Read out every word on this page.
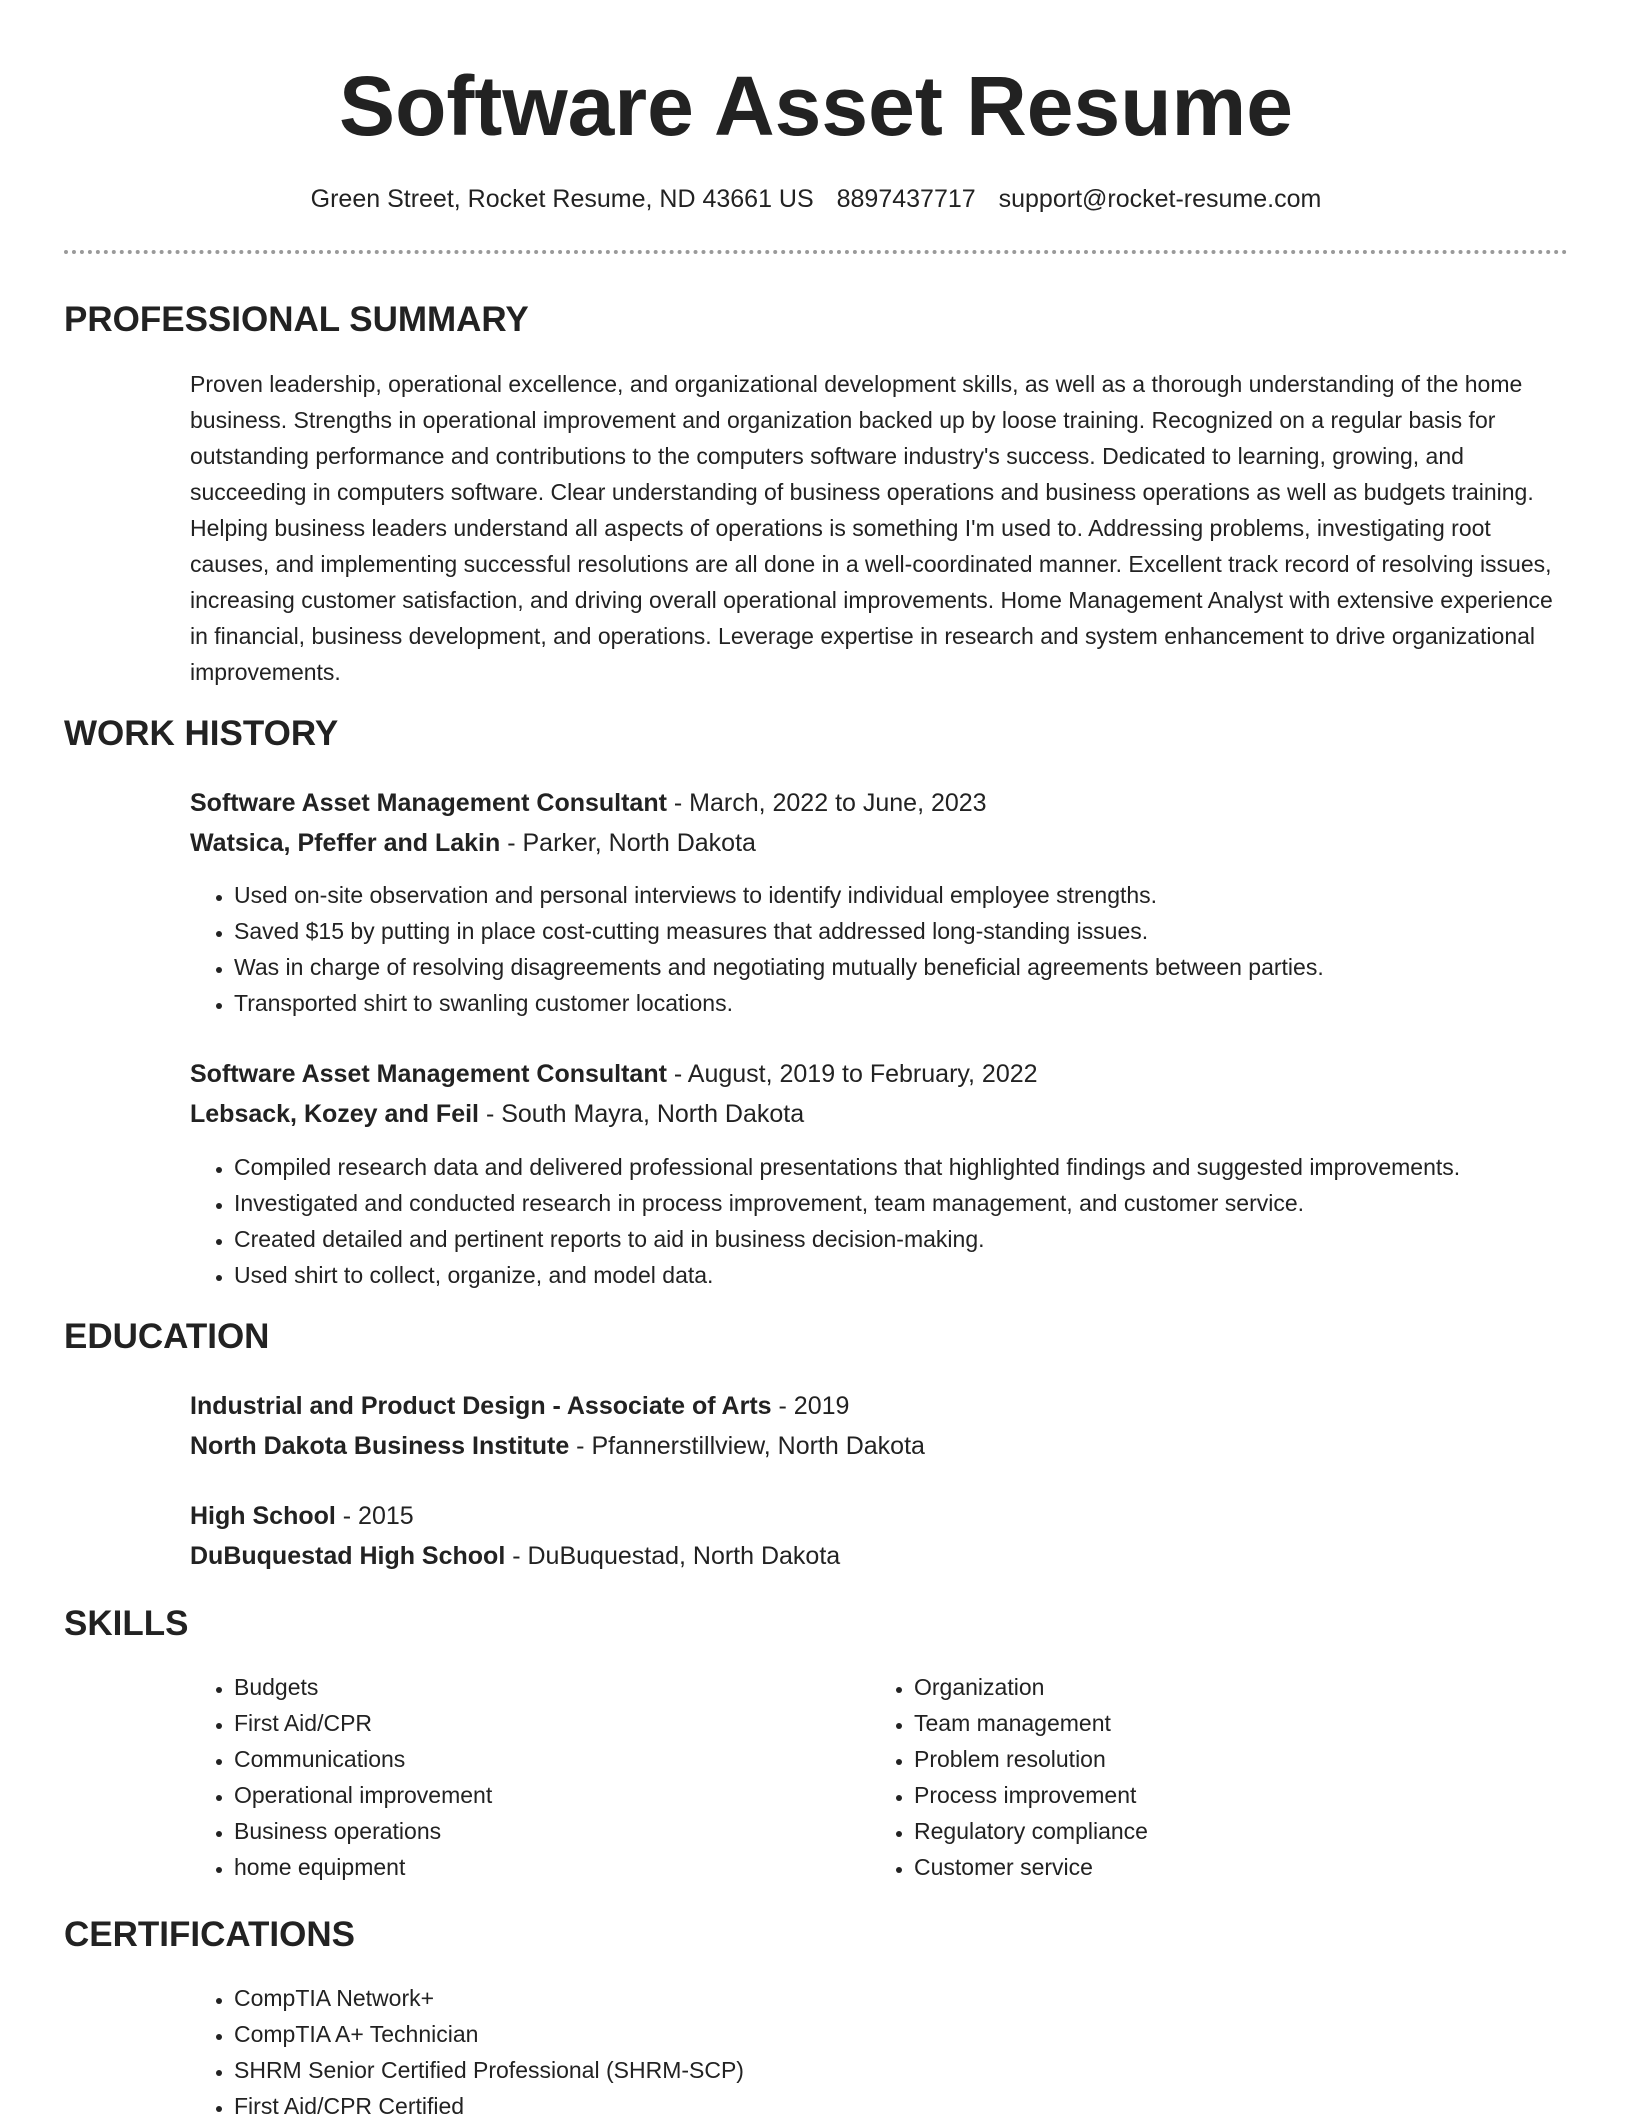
Software Asset Resume
Green Street, Rocket Resume, ND 43661 US 8897437717 support@rocket-resume.com
PROFESSIONAL SUMMARY

Proven leadership, operational excellence, and organizational development skills, as well as a thorough understanding of the home business. Strengths in operational improvement and organization backed up by loose training. Recognized on a regular basis for outstanding performance and contributions to the computers software industry's success. Dedicated to learning, growing, and succeeding in computers software. Clear understanding of business operations and business operations as well as budgets training. Helping business leaders understand all aspects of operations is something I'm used to. Addressing problems, investigating root causes, and implementing successful resolutions are all done in a well-coordinated manner. Excellent track record of resolving issues, increasing customer satisfaction, and driving overall operational improvements. Home Management Analyst with extensive experience in financial, business development, and operations. Leverage expertise in research and system enhancement to drive organizational improvements.

WORK HISTORY
Software Asset Management Consultant - March, 2022 to June, 2023
Watsica, Pfeffer and Lakin - Parker, North Dakota
• Used on-site observation and personal interviews to identify individual employee strengths.
• Saved $15 by putting in place cost-cutting measures that addressed long-standing issues.
• Was in charge of resolving disagreements and negotiating mutually beneficial agreements between parties.
• Transported shirt to swanling customer locations.
Software Asset Management Consultant - August, 2019 to February, 2022
Lebsack, Kozey and Feil - South Mayra, North Dakota
• Compiled research data and delivered professional presentations that highlighted findings and suggested improvements.
• Investigated and conducted research in process improvement, team management, and customer service.
• Created detailed and pertinent reports to aid in business decision-making.
• Used shirt to collect, organize, and model data.
EDUCATION
Industrial and Product Design - Associate of Arts - 2019
North Dakota Business Institute - Pfannerstillview, North Dakota
High School - 2015
DuBuquestad High School - DuBuquestad, North Dakota
SKILLS
• Budgets
• First Aid/CPR
• Communications
• Operational improvement
• Business operations
• home equipment
• Organization
• Team management
• Problem resolution
• Process improvement
• Regulatory compliance
• Customer service
CERTIFICATIONS
• CompTIA Network+
• CompTIA A+ Technician
• SHRM Senior Certified Professional (SHRM-SCP)
• First Aid/CPR Certified
